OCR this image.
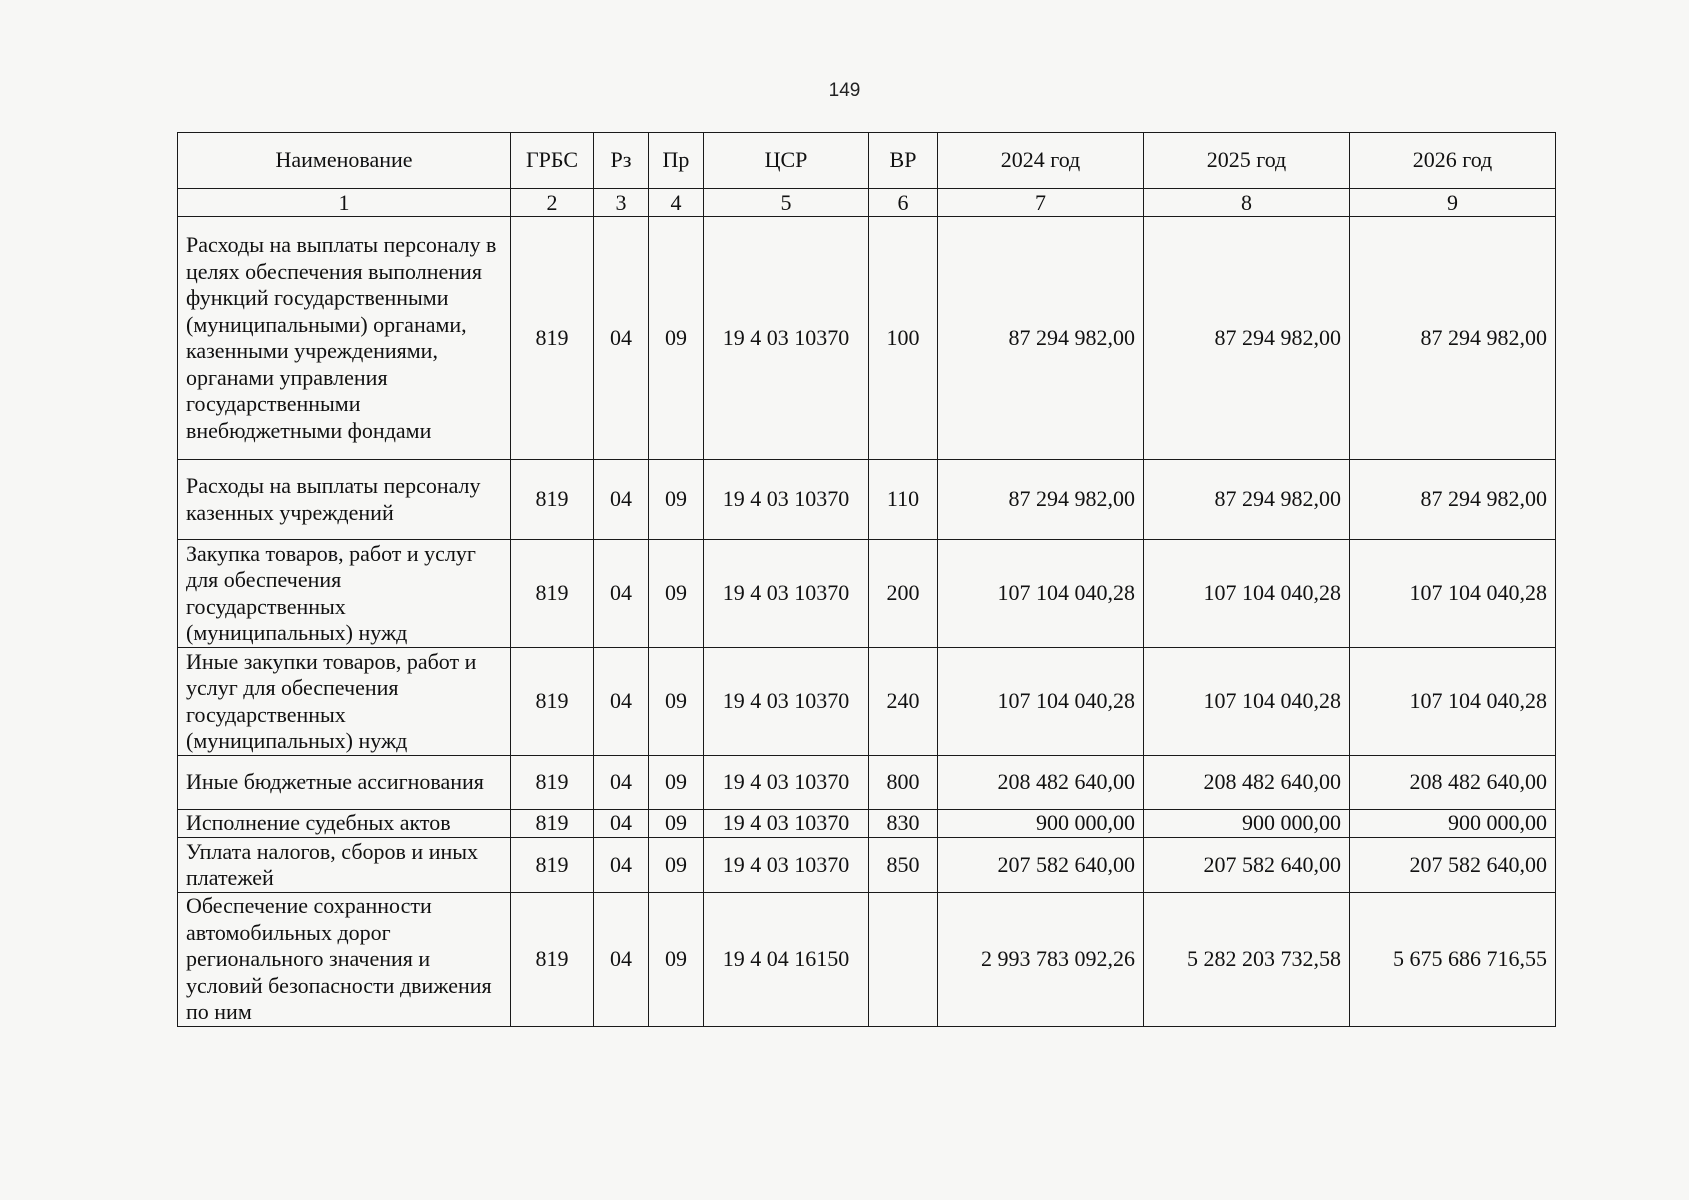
149
Наименование	ГРБС	Рз	Пр	ЦСР	ВР	2024 год	2025 год	2026 год
1	2	3	4	5	6	7	8	9
Расходы на выплаты персоналу в целях обеспечения выполнения функций государственными (муниципальными) органами, казенными учреждениями, органами управления государственными внебюджетными фондами	819	04	09	19 4 03 10370	100	87 294 982,00	87 294 982,00	87 294 982,00
Расходы на выплаты персоналу казенных учреждений	819	04	09	19 4 03 10370	110	87 294 982,00	87 294 982,00	87 294 982,00
Закупка товаров, работ и услуг для обеспечения государственных (муниципальных) нужд	819	04	09	19 4 03 10370	200	107 104 040,28	107 104 040,28	107 104 040,28
Иные закупки товаров, работ и услуг для обеспечения государственных (муниципальных) нужд	819	04	09	19 4 03 10370	240	107 104 040,28	107 104 040,28	107 104 040,28
Иные бюджетные ассигнования	819	04	09	19 4 03 10370	800	208 482 640,00	208 482 640,00	208 482 640,00
Исполнение судебных актов	819	04	09	19 4 03 10370	830	900 000,00	900 000,00	900 000,00
Уплата налогов, сборов и иных платежей	819	04	09	19 4 03 10370	850	207 582 640,00	207 582 640,00	207 582 640,00
Обеспечение сохранности автомобильных дорог регионального значения и условий безопасности движения по ним	819	04	09	19 4 04 16150		2 993 783 092,26	5 282 203 732,58	5 675 686 716,55
